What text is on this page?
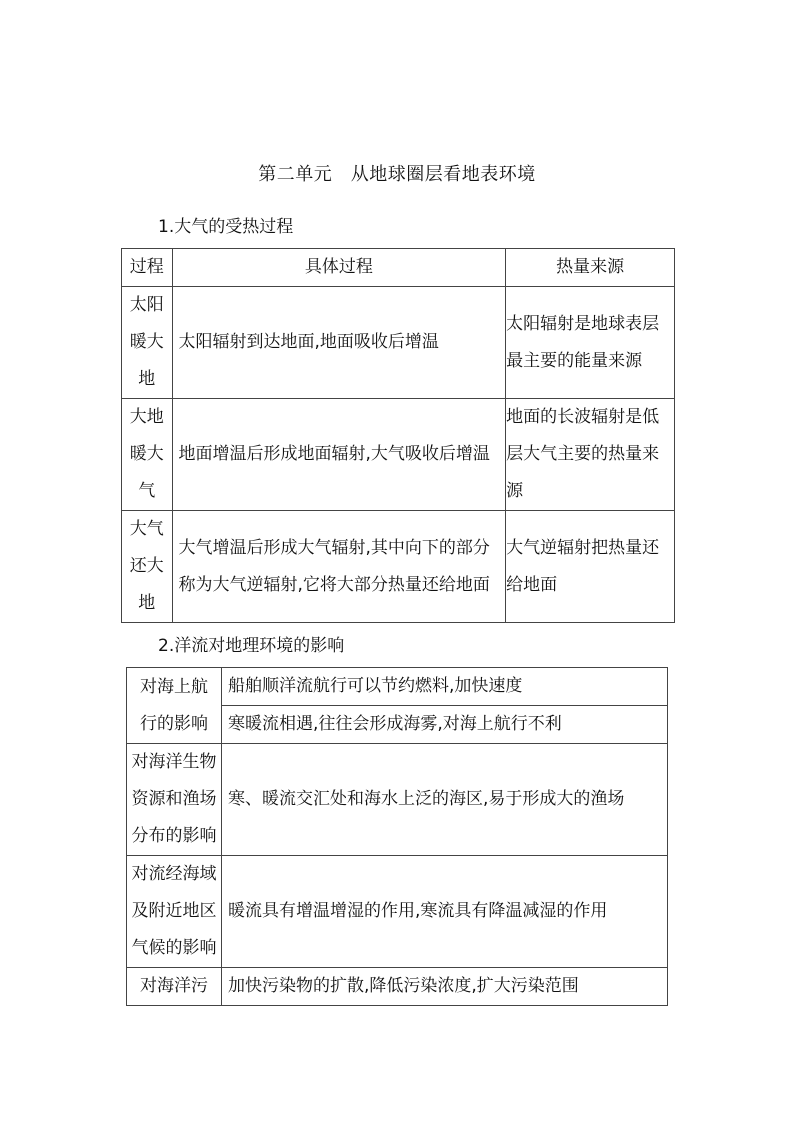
第二单元　从地球圈层看地表环境
1.大气的受热过程
过程	具体过程	热量来源

太阳
暖大
地	太阳辐射到达地面,地面吸收后增温	太阳辐射是地球表层最主要的能量来源

大地
暖大
气	地面增温后形成地面辐射,大气吸收后增温	地面的长波辐射是低层大气主要的热量来源

大气
还大
地	大气增温后形成大气辐射,其中向下的部分称为大气逆辐射,它将大部分热量还给地面	大气逆辐射把热量还给地面
2.洋流对地理环境的影响
对海上航
行的影响	船舶顺洋流航行可以节约燃料,加快速度
	寒暖流相遇,往往会形成海雾,对海上航行不利

对海洋生物
资源和渔场
分布的影响	寒、暖流交汇处和海水上泛的海区,易于形成大的渔场

对流经海域
及附近地区
气候的影响	暖流具有增温增湿的作用,寒流具有降温减湿的作用

对海洋污	加快污染物的扩散,降低污染浓度,扩大污染范围
